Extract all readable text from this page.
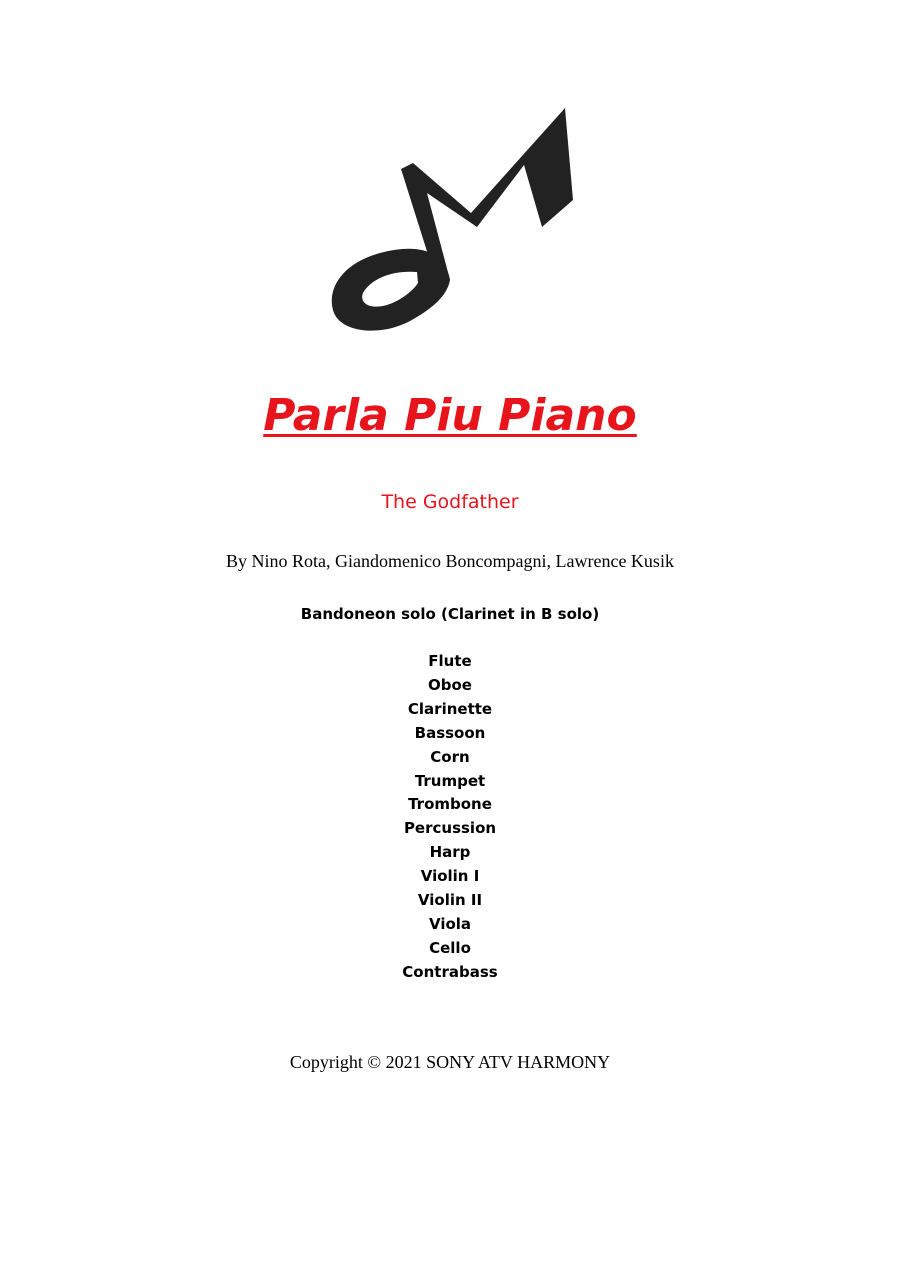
Parla Piu Piano
The Godfather
By Nino Rota, Giandomenico Boncompagni, Lawrence Kusik
Bandoneon solo (Clarinet in B solo)
Flute
Oboe
Clarinette
Bassoon
Corn
Trumpet
Trombone
Percussion
Harp
Violin I
Violin II
Viola
Cello
Contrabass
Copyright © 2021 SONY ATV HARMONY
